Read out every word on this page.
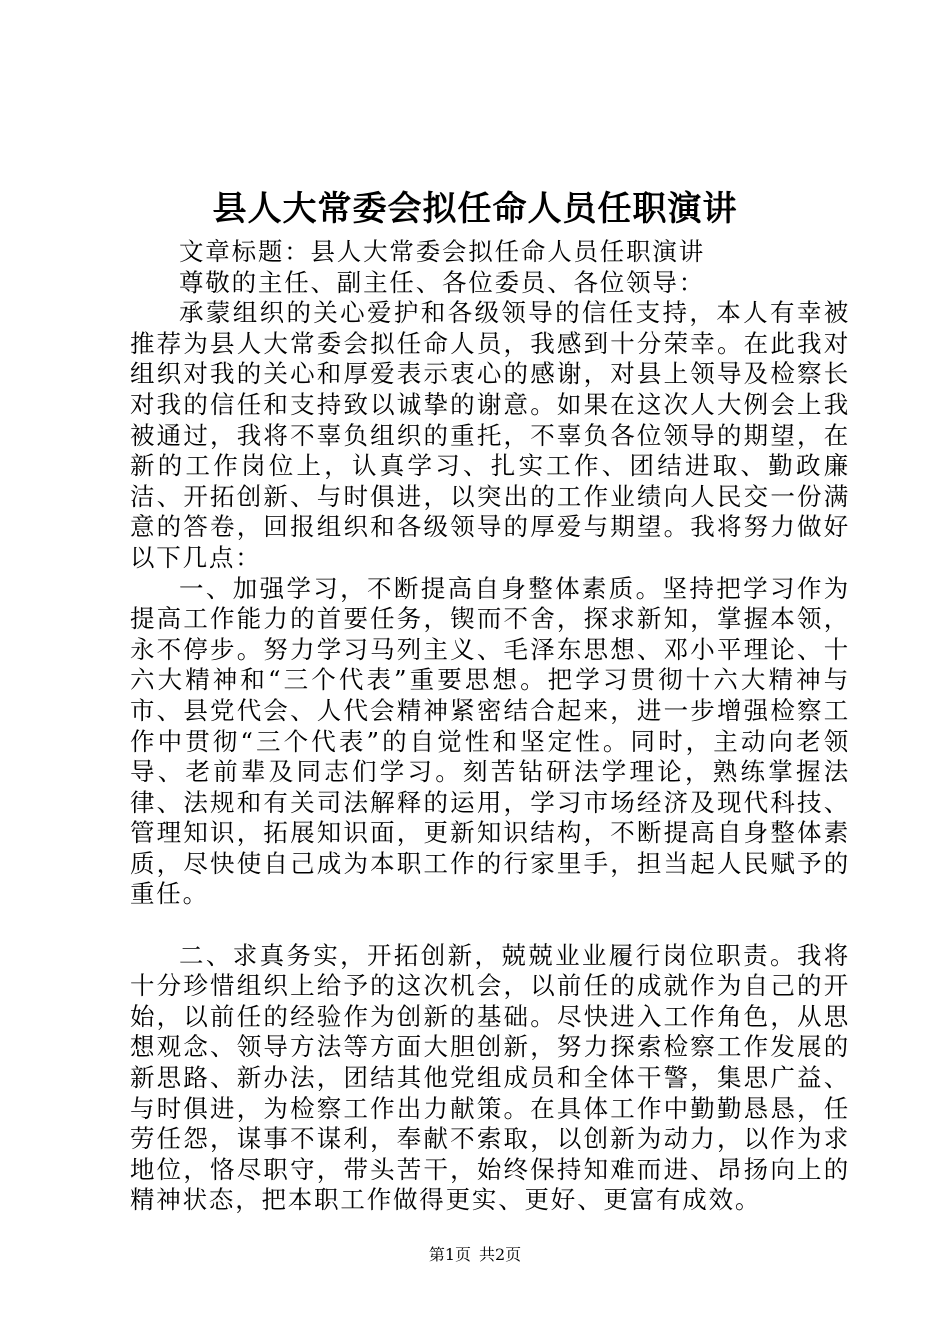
县人大常委会拟任命人员任职演讲

文章标题：县人大常委会拟任命人员任职演讲

尊敬的主任、副主任、各位委员、各位领导：

承蒙组织的关心爱护和各级领导的信任支持，本人有幸被推荐为县人大常委会拟任命人员，我感到十分荣幸。在此我对组织对我的关心和厚爱表示衷心的感谢，对县上领导及检察长对我的信任和支持致以诚挚的谢意。如果在这次人大例会上我被通过，我将不辜负组织的重托，不辜负各位领导的期望，在新的工作岗位上，认真学习、扎实工作、团结进取、勤政廉洁、开拓创新、与时俱进，以突出的工作业绩向人民交一份满意的答卷，回报组织和各级领导的厚爱与期望。我将努力做好以下几点：

一、加强学习，不断提高自身整体素质。坚持把学习作为提高工作能力的首要任务，锲而不舍，探求新知，掌握本领，永不停步。努力学习马列主义、毛泽东思想、邓小平理论、十六大精神和“三个代表”重要思想。把学习贯彻十六大精神与市、县党代会、人代会精神紧密结合起来，进一步增强检察工作中贯彻“三个代表”的自觉性和坚定性。同时，主动向老领导、老前辈及同志们学习。刻苦钻研法学理论，熟练掌握法律、法规和有关司法解释的运用，学习市场经济及现代科技、管理知识，拓展知识面，更新知识结构，不断提高自身整体素质，尽快使自己成为本职工作的行家里手，担当起人民赋予的重任。

二、求真务实，开拓创新，兢兢业业履行岗位职责。我将十分珍惜组织上给予的这次机会，以前任的成就作为自己的开始，以前任的经验作为创新的基础。尽快进入工作角色，从思想观念、领导方法等方面大胆创新，努力探索检察工作发展的新思路、新办法，团结其他党组成员和全体干警，集思广益、与时俱进，为检察工作出力献策。在具体工作中勤勤恳恳，任劳任怨，谋事不谋利，奉献不索取，以创新为动力，以作为求地位，恪尽职守，带头苦干，始终保持知难而进、昂扬向上的精神状态，把本职工作做得更实、更好、更富有成效。

第1页 共2页
